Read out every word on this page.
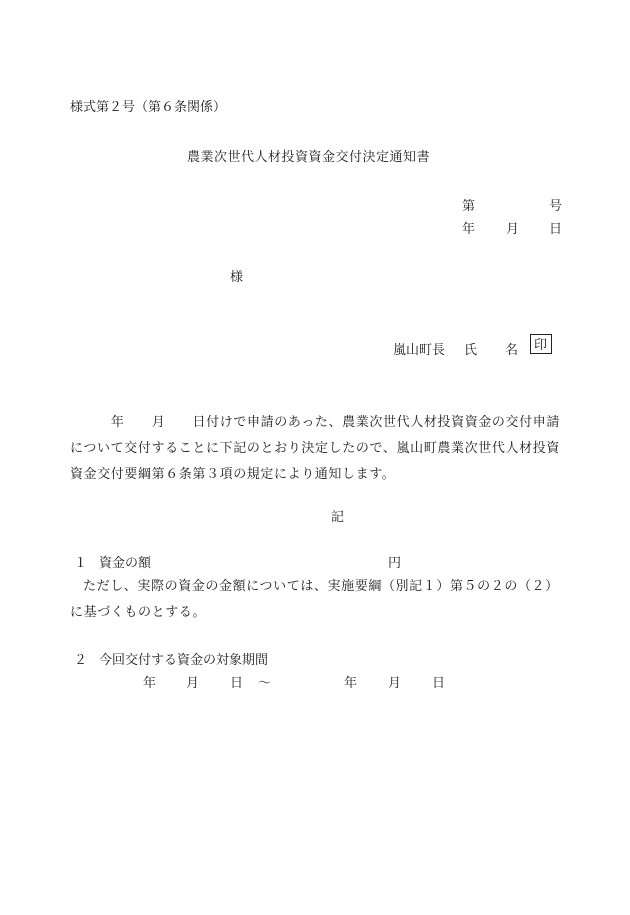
様式第２号（第６条関係）
農業次世代人材投資資金交付決定通知書
第	号
年 月 日
様
嵐山町長 氏 名 印
　　　年　　月　　日付けで申請のあった、農業次世代人材投資資金の交付申請について交付することに下記のとおり決定したので、嵐山町農業次世代人材投資資金交付要綱第６条第３項の規定により通知します。
記
１ 資金の額	円
ただし、実際の資金の金額については、実施要綱（別記１）第５の２の（２）に基づくものとする。
２ 今回交付する資金の対象期間
年 月 日 ～	年 月 日
